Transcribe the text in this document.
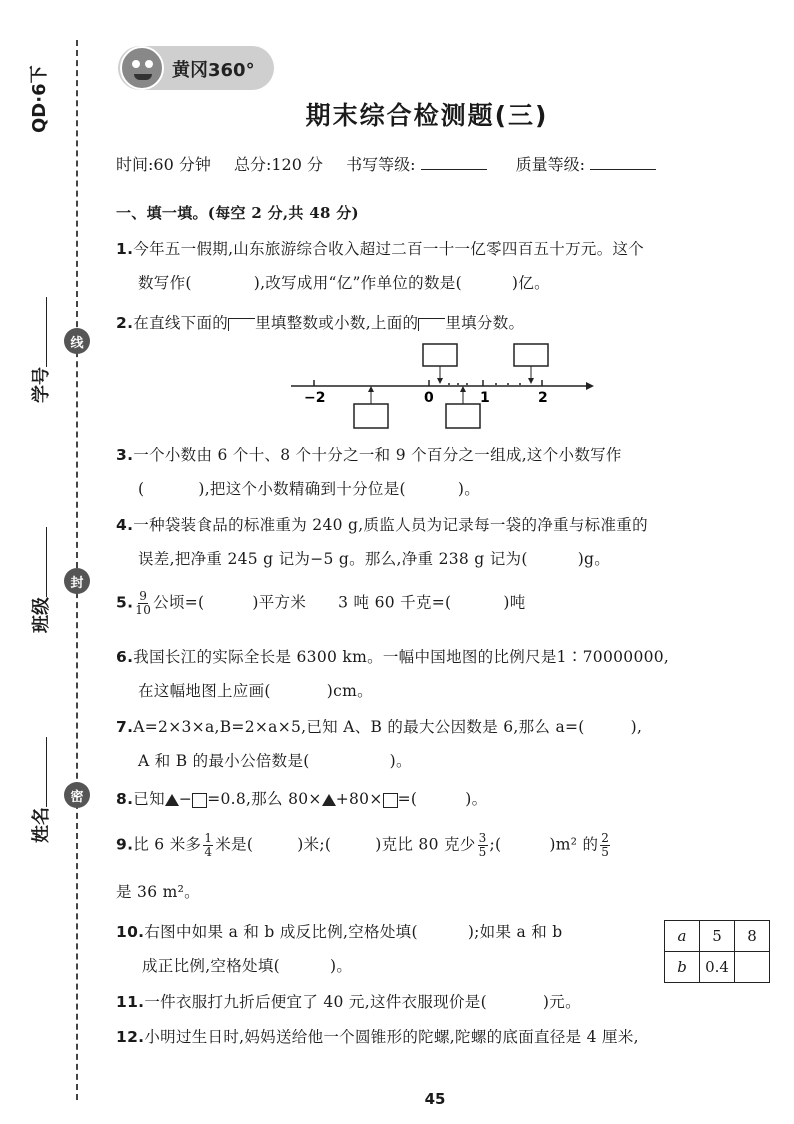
QD·6下
学号
班级
姓名
线
封
密
黄冈360°
期末综合检测题(三)
时间:60 分钟 总分:120 分 书写等级:	质量等级:
一、填一填。(每空 2 分,共 48 分)
1.今年五一假期,山东旅游综合收入超过二百一十一亿零四百五十万元。这个
数写作(	),改写成用“亿”作单位的数是(	)亿。
2.在直线下面的 里填整数或小数,上面的 里填分数。
−2	0	1	2
3.一个小数由 6 个十、8 个十分之一和 9 个百分之一组成,这个小数写作
(	),把这个小数精确到十分位是(	)。
4.一种袋装食品的标准重为 240 g,质监人员为记录每一袋的净重与标准重的
误差,把净重 245 g 记为−5 g。那么,净重 238 g 记为(	)g。
5. $\frac{9}{10}$ 公顷=(	)平方米 3 吨 60 千克=(	)吨
6.我国长江的实际全长是 6300 km。一幅中国地图的比例尺是1∶70000000,
在这幅地图上应画(	)cm。
7.A=2×3×a,B=2×a×5,已知 A、B 的最大公因数是 6,那么 a=(	),
A 和 B 的最小公倍数是(	)。
8.已知 − =0.8,那么 80× +80× =(	)。
9.比 6 米多 $\frac{1}{4}$ 米是(	)米;(	)克比 80 克少 $\frac{3}{5}$ ;(	)m² 的 $\frac{2}{5}$
是 36 m²。
10.右图中如果 a 和 b 成反比例,空格处填(	);如果 a 和 b
成正比例,空格处填(	)。
a	5	8
b	0.4	
11.一件衣服打九折后便宜了 40 元,这件衣服现价是(	)元。
12.小明过生日时,妈妈送给他一个圆锥形的陀螺,陀螺的底面直径是 4 厘米,
45
